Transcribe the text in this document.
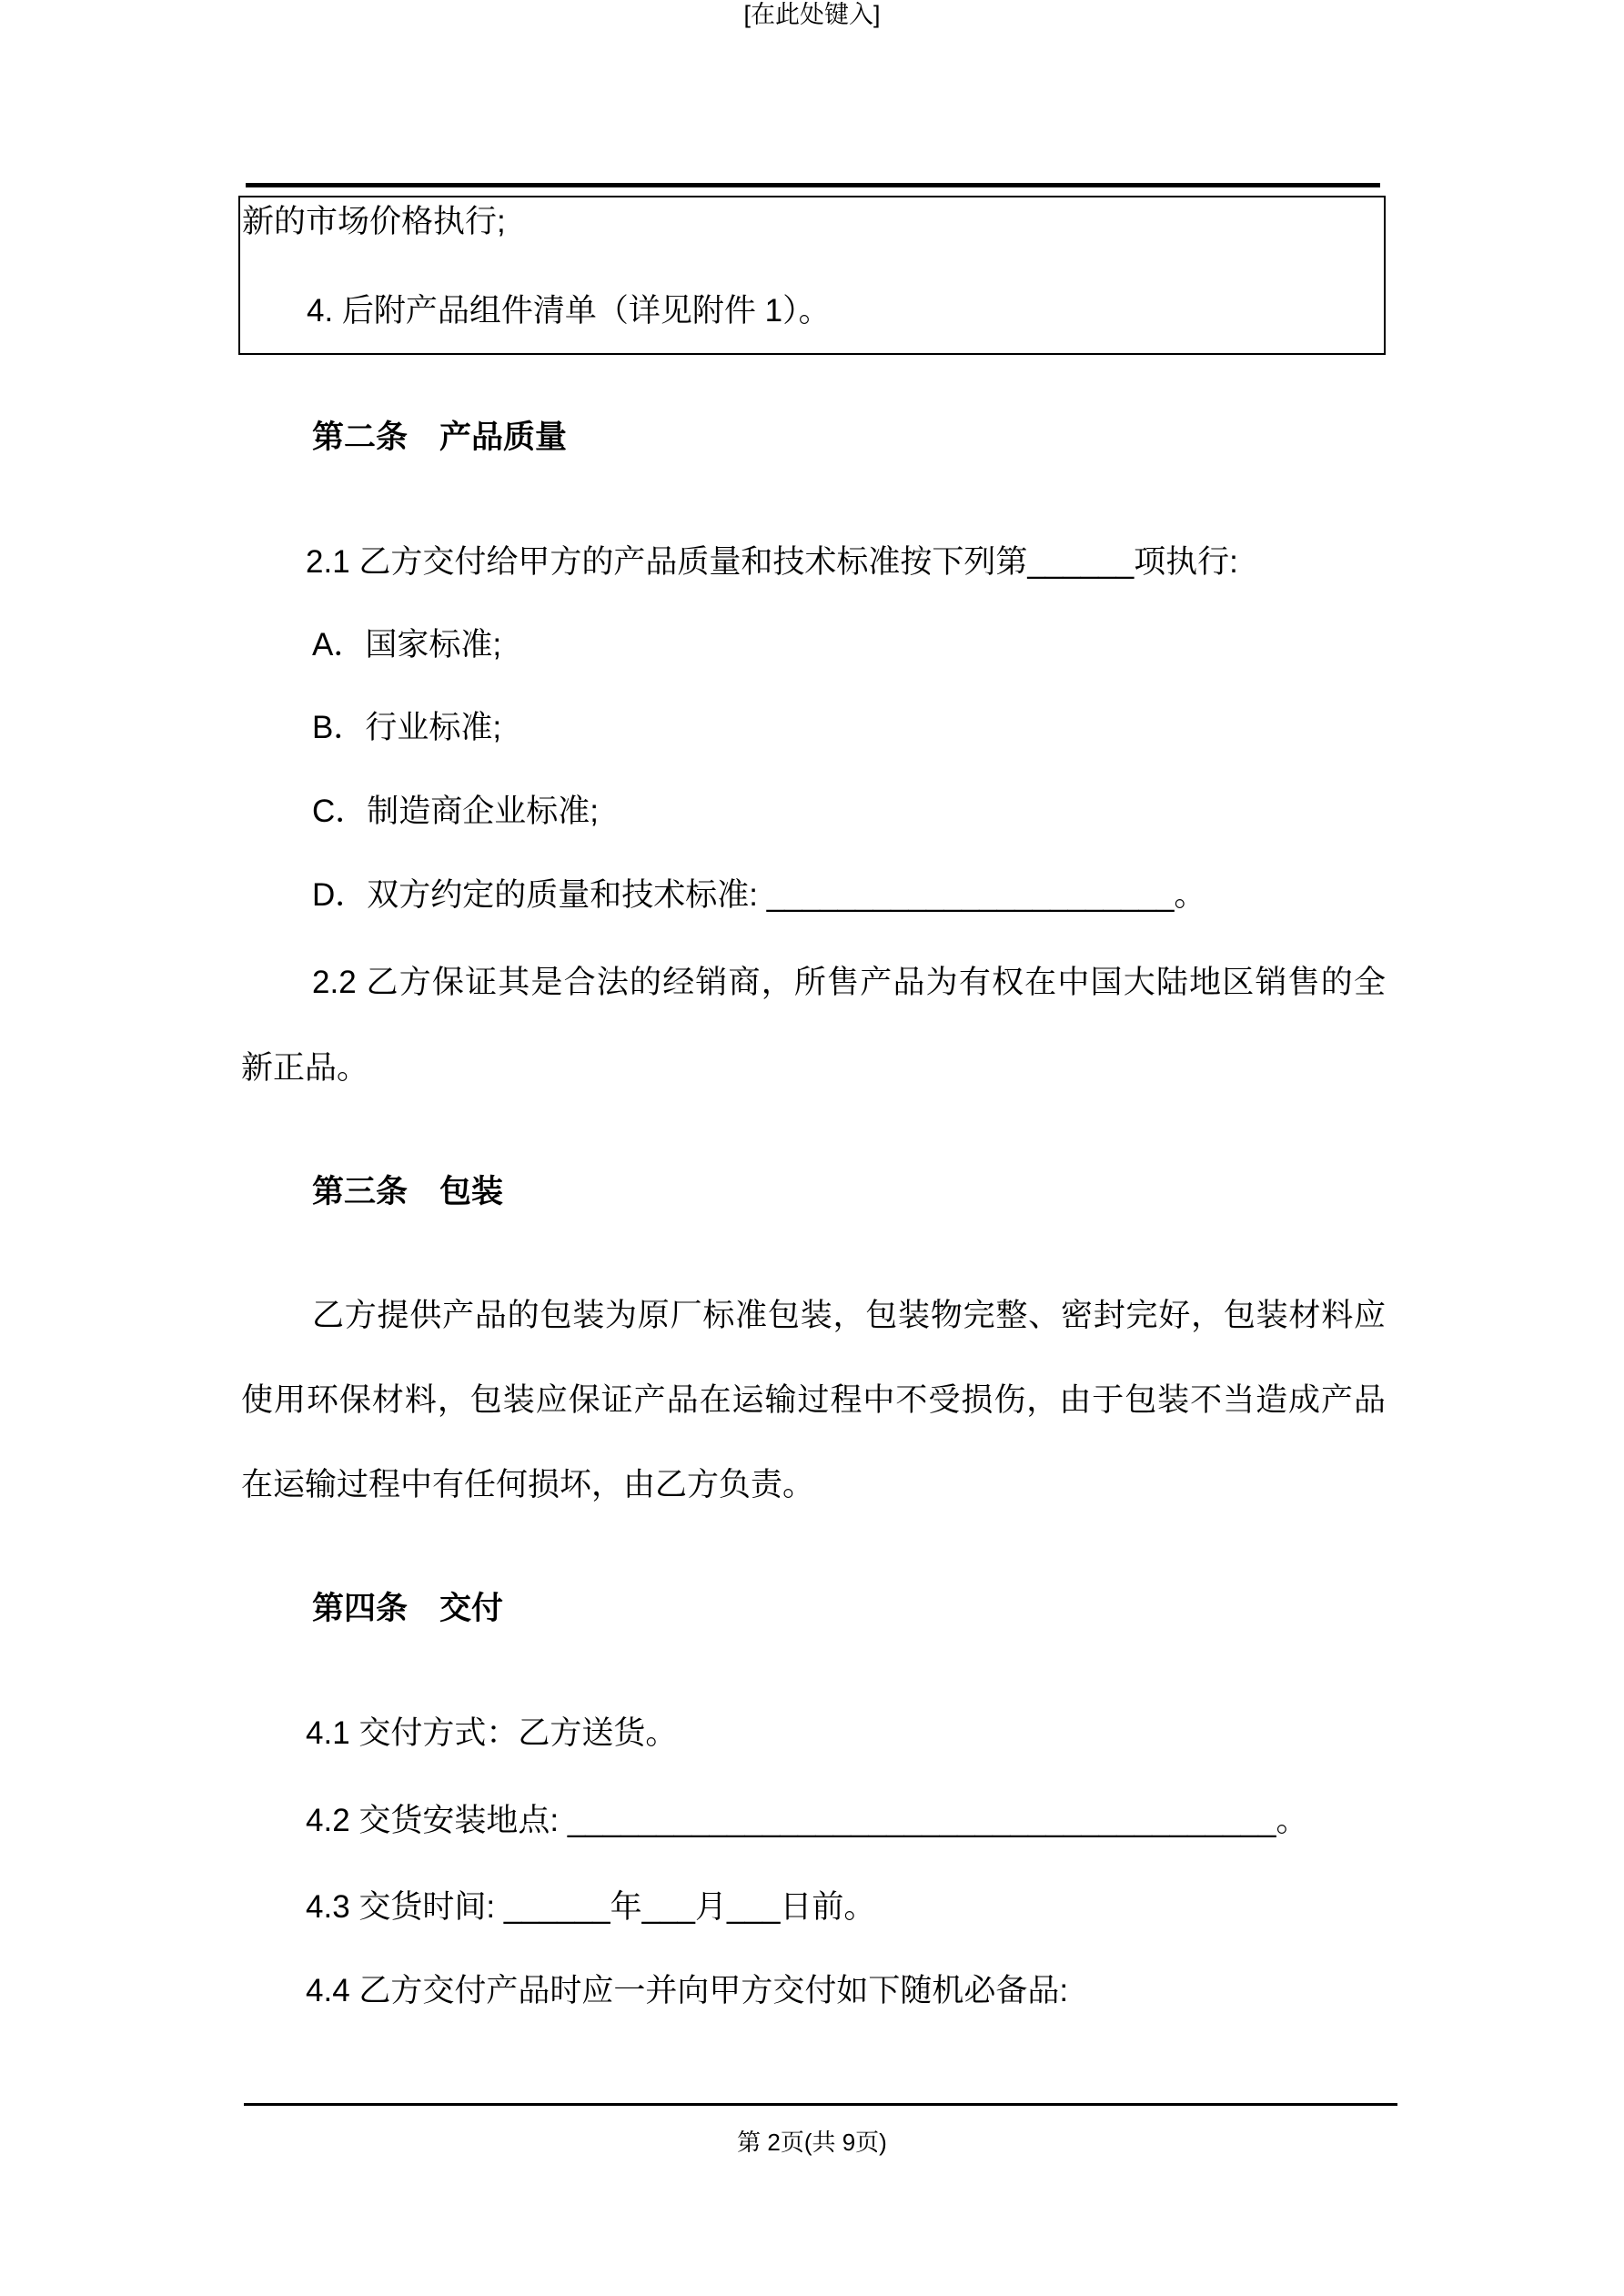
[在此处键入]
新的市场价格执行;
4. 后附产品组件清单（详见附件 1）。
第二条　产品质量
2.1 乙方交付给甲方的产品质量和技术标准按下列第______项执行:
A．国家标准;
B．行业标准;
C．制造商企业标准;
D．双方约定的质量和技术标准: _______________________。
2.2 乙方保证其是合法的经销商，所售产品为有权在中国大陆地区销售的全
新正品。
第三条　包装
乙方提供产品的包装为原厂标准包装，包装物完整、密封完好，包装材料应
使用环保材料，包装应保证产品在运输过程中不受损伤，由于包装不当造成产品
在运输过程中有任何损坏，由乙方负责。
第四条　交付
4.1 交付方式：乙方送货。
4.2 交货安装地点: ________________________________________。
4.3 交货时间: ______年___月___日前。
4.4 乙方交付产品时应一并向甲方交付如下随机必备品:
第 2页(共 9页)
